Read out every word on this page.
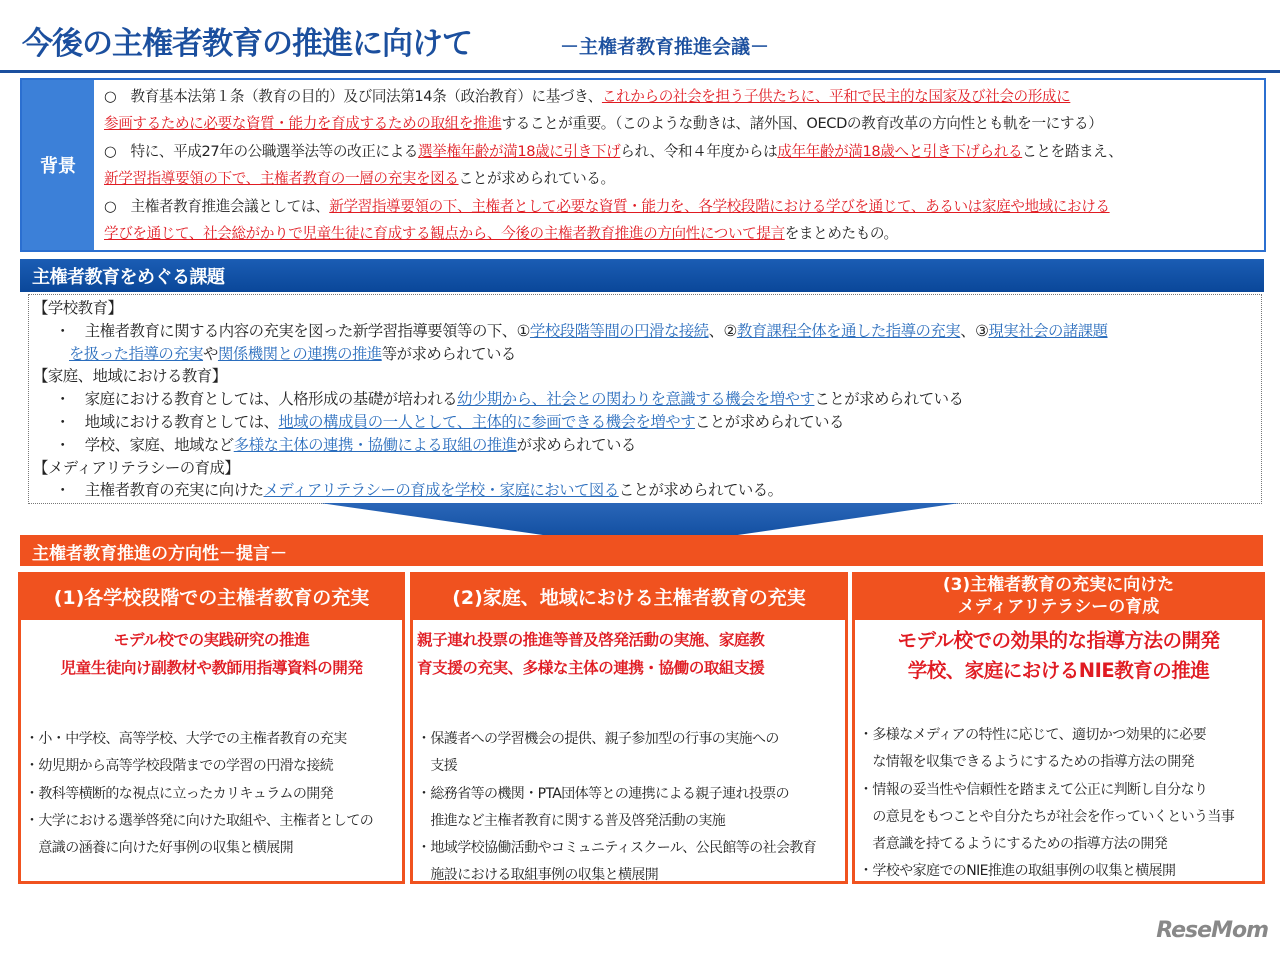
今後の主権者教育の推進に向けて	－主権者教育推進会議－
背景
○　教育基本法第１条（教育の目的）及び同法第14条（政治教育）に基づき、これからの社会を担う子供たちに、平和で民主的な国家及び社会の形成に
参画するために必要な資質・能力を育成するための取組を推進することが重要。（このような動きは、諸外国、OECDの教育改革の方向性とも軌を一にする）
○　特に、平成27年の公職選挙法等の改正による選挙権年齢が満18歳に引き下げられ、令和４年度からは成年年齢が満18歳へと引き下げられることを踏まえ、
新学習指導要領の下で、主権者教育の一層の充実を図ることが求められている。
○　主権者教育推進会議としては、新学習指導要領の下、主権者として必要な資質・能力を、各学校段階における学びを通じて、あるいは家庭や地域における
学びを通じて、社会総がかりで児童生徒に育成する観点から、今後の主権者教育推進の方向性について提言をまとめたもの。
主権者教育をめぐる課題
【学校教育】
・　主権者教育に関する内容の充実を図った新学習指導要領等の下、①学校段階等間の円滑な接続、②教育課程全体を通した指導の充実、③現実社会の諸課題
を扱った指導の充実や関係機関との連携の推進等が求められている
【家庭、地域における教育】
・　家庭における教育としては、人格形成の基礎が培われる幼少期から、社会との関わりを意識する機会を増やすことが求められている
・　地域における教育としては、地域の構成員の一人として、主体的に参画できる機会を増やすことが求められている
・　学校、家庭、地域など多様な主体の連携・協働による取組の推進が求められている
【メディアリテラシーの育成】
・　主権者教育の充実に向けたメディアリテラシーの育成を学校・家庭において図ることが求められている。
主権者教育推進の方向性－提言－
(1)各学校段階での主権者教育の充実
モデル校での実践研究の推進
児童生徒向け副教材や教師用指導資料の開発
・小・中学校、高等学校、大学での主権者教育の充実
・幼児期から高等学校段階までの学習の円滑な接続
・教科等横断的な視点に立ったカリキュラムの開発
・大学における選挙啓発に向けた取組や、主権者としての
　意識の涵養に向けた好事例の収集と横展開
(2)家庭、地域における主権者教育の充実
親子連れ投票の推進等普及啓発活動の実施、家庭教
育支援の充実、多様な主体の連携・協働の取組支援
・保護者への学習機会の提供、親子参加型の行事の実施への
　支援
・総務省等の機関・PTA団体等との連携による親子連れ投票の
　推進など主権者教育に関する普及啓発活動の実施
・地域学校協働活動やコミュニティスクール、公民館等の社会教育
　施設における取組事例の収集と横展開
(3)主権者教育の充実に向けた
メディアリテラシーの育成
モデル校での効果的な指導方法の開発
学校、家庭におけるNIE教育の推進
・多様なメディアの特性に応じて、適切かつ効果的に必要
　な情報を収集できるようにするための指導方法の開発
・情報の妥当性や信頼性を踏まえて公正に判断し自分なり
　の意見をもつことや自分たちが社会を作っていくという当事
　者意識を持てるようにするための指導方法の開発
・学校や家庭でのNIE推進の取組事例の収集と横展開
ReseMom
